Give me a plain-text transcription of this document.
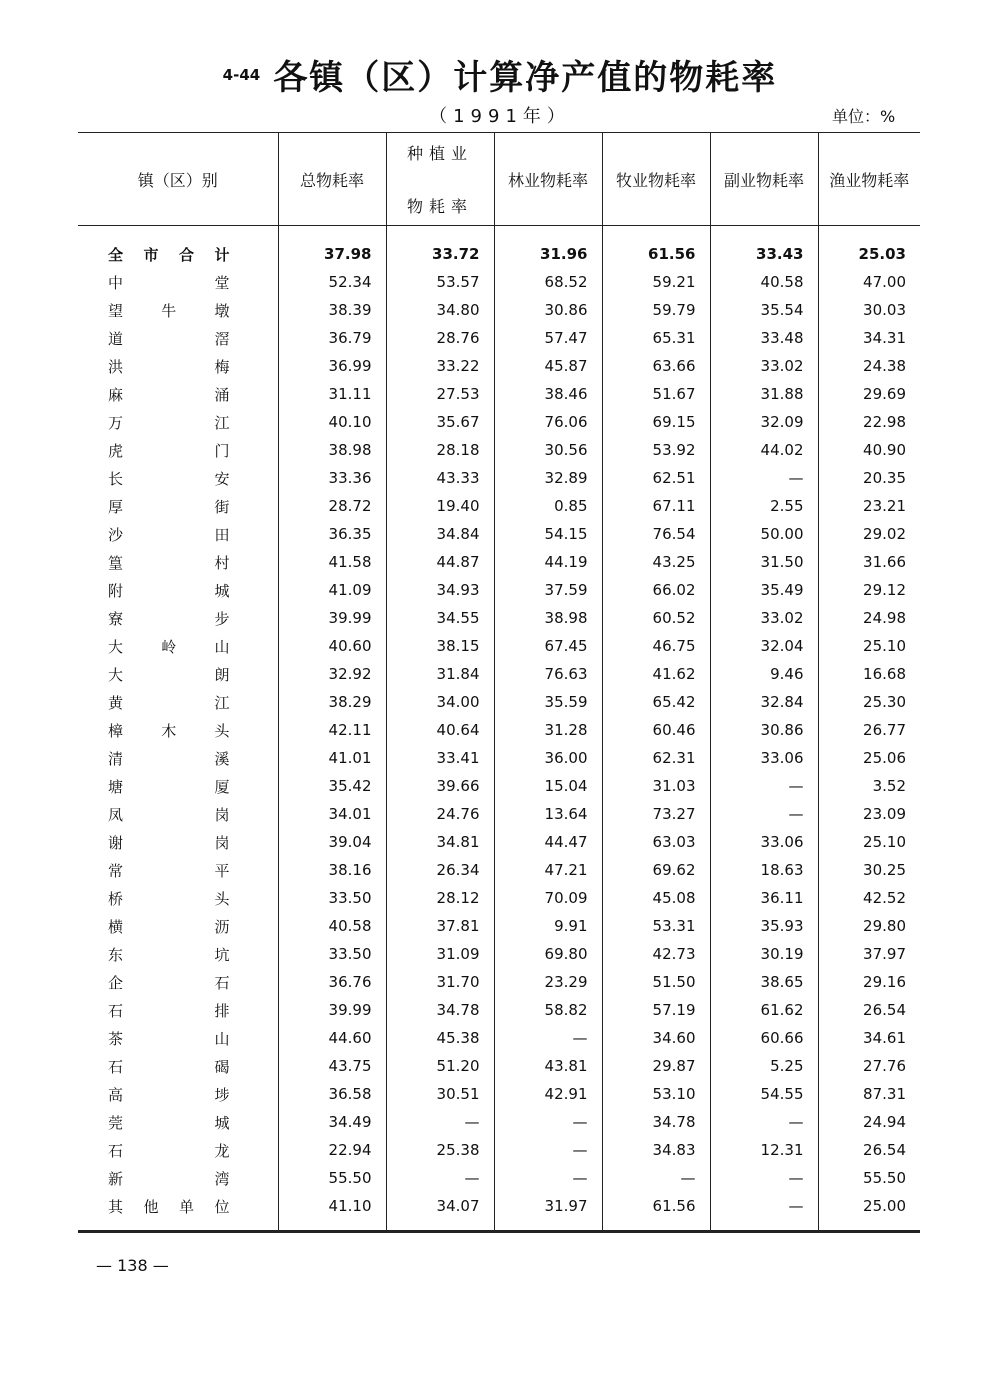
4-44 各镇（区）计算净产值的物耗率
（1991年）	单位：%
镇（区）别	总物耗率	种植业
物耗率	林业物耗率	牧业物耗率	副业物耗率	渔业物耗率
全市合计	37.98	33.72	31.96	61.56	33.43	25.03
中堂	52.34	53.57	68.52	59.21	40.58	47.00
望牛墩	38.39	34.80	30.86	59.79	35.54	30.03
道滘	36.79	28.76	57.47	65.31	33.48	34.31
洪梅	36.99	33.22	45.87	63.66	33.02	24.38
麻涌	31.11	27.53	38.46	51.67	31.88	29.69
万江	40.10	35.67	76.06	69.15	32.09	22.98
虎门	38.98	28.18	30.56	53.92	44.02	40.90
长安	33.36	43.33	32.89	62.51	—	20.35
厚街	28.72	19.40	0.85	67.11	2.55	23.21
沙田	36.35	34.84	54.15	76.54	50.00	29.02
篁村	41.58	44.87	44.19	43.25	31.50	31.66
附城	41.09	34.93	37.59	66.02	35.49	29.12
寮步	39.99	34.55	38.98	60.52	33.02	24.98
大岭山	40.60	38.15	67.45	46.75	32.04	25.10
大朗	32.92	31.84	76.63	41.62	9.46	16.68
黄江	38.29	34.00	35.59	65.42	32.84	25.30
樟木头	42.11	40.64	31.28	60.46	30.86	26.77
清溪	41.01	33.41	36.00	62.31	33.06	25.06
塘厦	35.42	39.66	15.04	31.03	—	3.52
凤岗	34.01	24.76	13.64	73.27	—	23.09
谢岗	39.04	34.81	44.47	63.03	33.06	25.10
常平	38.16	26.34	47.21	69.62	18.63	30.25
桥头	33.50	28.12	70.09	45.08	36.11	42.52
横沥	40.58	37.81	9.91	53.31	35.93	29.80
东坑	33.50	31.09	69.80	42.73	30.19	37.97
企石	36.76	31.70	23.29	51.50	38.65	29.16
石排	39.99	34.78	58.82	57.19	61.62	26.54
茶山	44.60	45.38	—	34.60	60.66	34.61
石碣	43.75	51.20	43.81	29.87	5.25	27.76
高埗	36.58	30.51	42.91	53.10	54.55	87.31
莞城	34.49	—	—	34.78	—	24.94
石龙	22.94	25.38	—	34.83	12.31	26.54
新湾	55.50	—	—	—	—	55.50
其他单位	41.10	34.07	31.97	61.56	—	25.00
— 138 —
